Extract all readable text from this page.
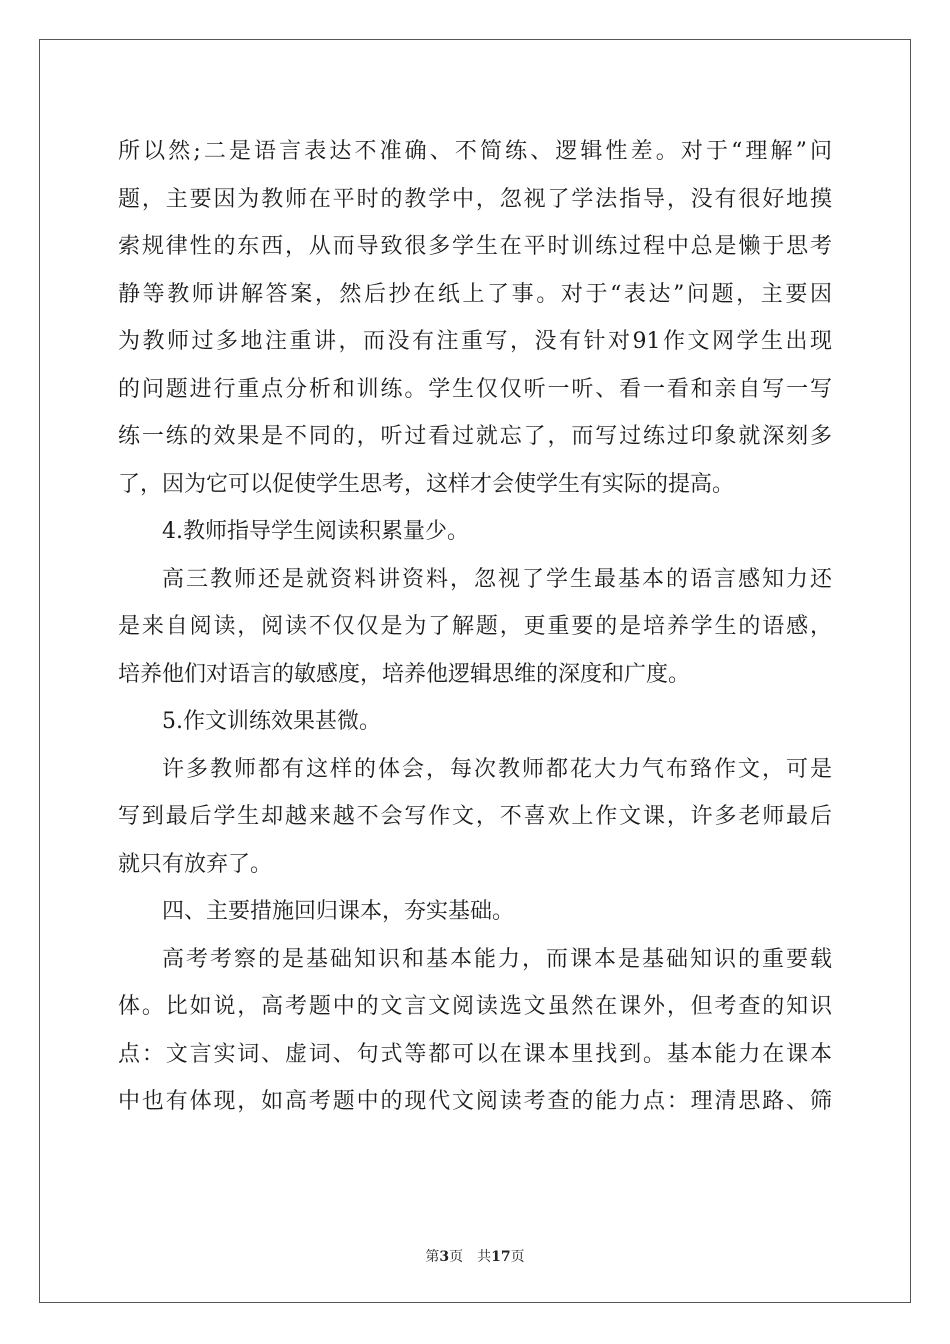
所以然;二是语言表达不准确、不简练、逻辑性差。对于“理解”问
题，主要因为教师在平时的教学中，忽视了学法指导，没有很好地摸
索规律性的东西，从而导致很多学生在平时训练过程中总是懒于思考
静等教师讲解答案，然后抄在纸上了事。对于“表达”问题，主要因
为教师过多地注重讲，而没有注重写，没有针对91作文网学生出现
的问题进行重点分析和训练。学生仅仅听一听、看一看和亲自写一写
练一练的效果是不同的，听过看过就忘了，而写过练过印象就深刻多
了，因为它可以促使学生思考，这样才会使学生有实际的提高。
4.教师指导学生阅读积累量少。
高三教师还是就资料讲资料，忽视了学生最基本的语言感知力还
是来自阅读，阅读不仅仅是为了解题，更重要的是培养学生的语感，
培养他们对语言的敏感度，培养他逻辑思维的深度和广度。
5.作文训练效果甚微。
许多教师都有这样的体会，每次教师都花大力气布臵作文，可是
写到最后学生却越来越不会写作文，不喜欢上作文课，许多老师最后
就只有放弃了。
四、主要措施回归课本，夯实基础。
高考考察的是基础知识和基本能力，而课本是基础知识的重要载
体。比如说，高考题中的文言文阅读选文虽然在课外，但考查的知识
点：文言实词、虚词、句式等都可以在课本里找到。基本能力在课本
中也有体现，如高考题中的现代文阅读考查的能力点：理清思路、筛
第3页 共17页
